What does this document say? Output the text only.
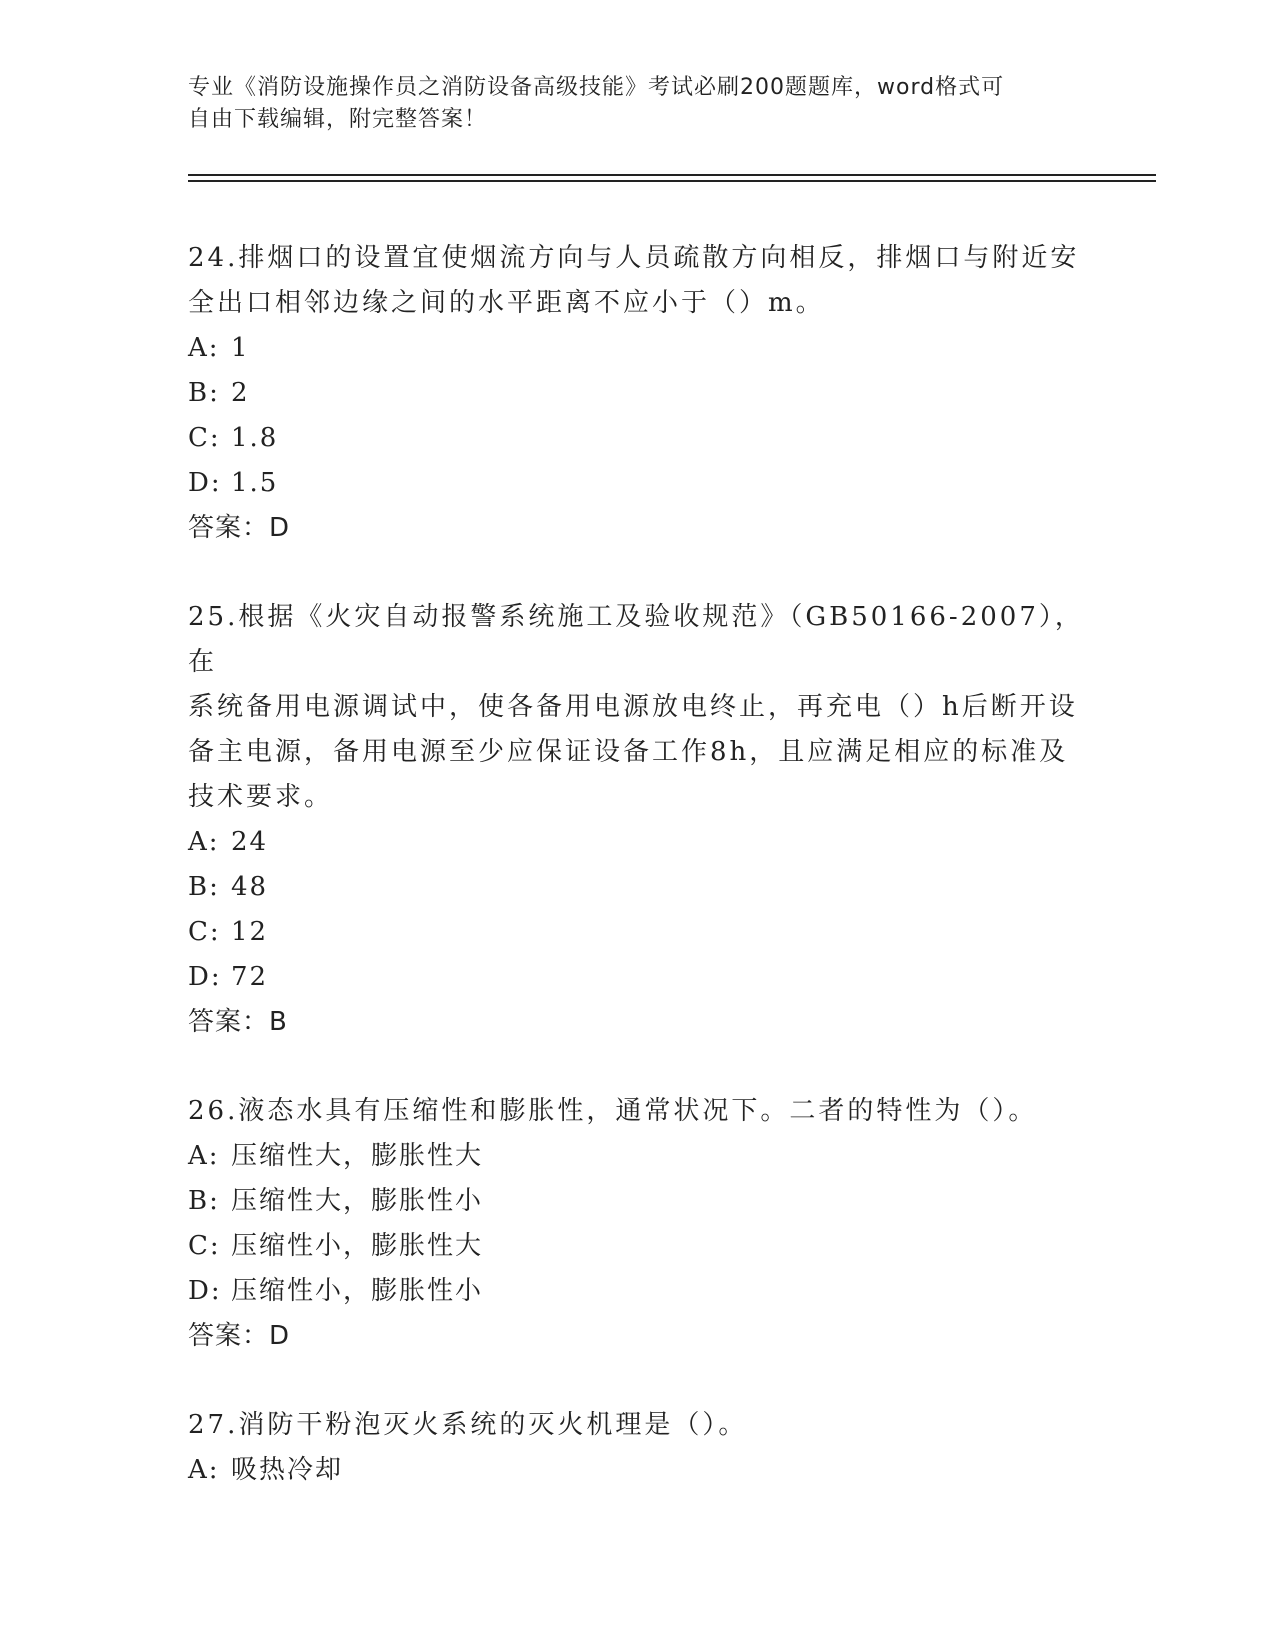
专业《消防设施操作员之消防设备高级技能》考试必刷200题题库，word格式可
自由下载编辑，附完整答案！

24.排烟口的设置宜使烟流方向与人员疏散方向相反，排烟口与附近安
全出口相邻边缘之间的水平距离不应小于（）m。

A: 1
B: 2
C: 1.8
D: 1.5
答案：D

25.根据《火灾自动报警系统施工及验收规范》（GB50166-2007），在
系统备用电源调试中，使各备用电源放电终止，再充电（）h后断开设
备主电源，备用电源至少应保证设备工作8h，且应满足相应的标准及
技术要求。

A: 24
B: 48
C: 12
D: 72
答案：B

26.液态水具有压缩性和膨胀性，通常状况下。二者的特性为（）。

A: 压缩性大，膨胀性大
B: 压缩性大，膨胀性小
C: 压缩性小，膨胀性大
D: 压缩性小，膨胀性小
答案：D

27.消防干粉泡灭火系统的灭火机理是（）。

A: 吸热冷却
